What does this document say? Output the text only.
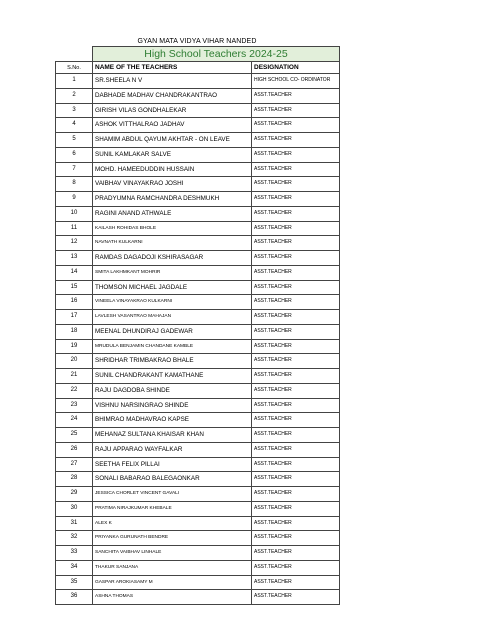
GYAN MATA VIDYA VIHAR NANDED
	High School Teachers 2024-25	
S.No.	NAME OF THE TEACHERS	DESIGNATION
1	SR.SHEELA N V	HIGH SCHOOL CO- ORDINATOR
2	DABHADE MADHAV CHANDRAKANTRAO	ASST.TEACHER
3	GIRISH VILAS GONDHALEKAR	ASST.TEACHER
4	ASHOK VITTHALRAO JADHAV	ASST.TEACHER
5	SHAMIM ABDUL QAYUM AKHTAR - ON LEAVE	ASST.TEACHER
6	SUNIL KAMLAKAR SALVE	ASST.TEACHER
7	MOHD. HAMEEDUDDIN HUSSAIN	ASST.TEACHER
8	VAIBHAV VINAYAKRAO JOSHI	ASST.TEACHER
9	PRADYUMNA RAMCHANDRA DESHMUKH	ASST.TEACHER
10	RAGINI ANAND ATHWALE	ASST.TEACHER
11	KAILASH ROHIDAS BHOLE	ASST.TEACHER
12	NAVNATH KULKARNI	ASST.TEACHER
13	RAMDAS DAGADOJI KSHIRASAGAR	ASST.TEACHER
14	SMITA LAKHMKANT MOHRIR	ASST.TEACHER
15	THOMSON MICHAEL JAGDALE	ASST.TEACHER
16	VINEELA VINAYAKRAO KULKARNI	ASST.TEACHER
17	LAVLESH VASANTRAO MAHAJAN	ASST.TEACHER
18	MEENAL DHUNDIRAJ GADEWAR	ASST.TEACHER
19	MRUDULA BENJAMIN CHANDANE KAMBLE	ASST.TEACHER
20	SHRIDHAR TRIMBAKRAO BHALE	ASST.TEACHER
21	SUNIL CHANDRAKANT KAMATHANE	ASST.TEACHER
22	RAJU DAGDOBA SHINDE	ASST.TEACHER
23	VISHNU NARSINGRAO SHINDE	ASST.TEACHER
24	BHIMRAO MADHAVRAO KAPSE	ASST.TEACHER
25	MEHANAZ SULTANA KHAISAR KHAN	ASST.TEACHER
26	RAJU APPARAO WAYFALKAR	ASST.TEACHER
27	SEETHA FELIX PILLAI	ASST.TEACHER
28	SONALI BABARAO BALEGAONKAR	ASST.TEACHER
29	JESSICA CHORLET VINCENT GAVALI	ASST.TEACHER
30	PRATIMA NIRAJKUMAR KHEBALE	ASST.TEACHER
31	ALEX K	ASST.TEACHER
32	PRIYANKA GURUNATH BENDRE	ASST.TEACHER
33	SANCHITA VAIBHAV LINHALE	ASST.TEACHER
34	THAKUR SANJANA	ASST.TEACHER
35	GASPAR AROKIASAMY M	ASST.TEACHER
36	ASHNA THOMAS	ASST.TEACHER
